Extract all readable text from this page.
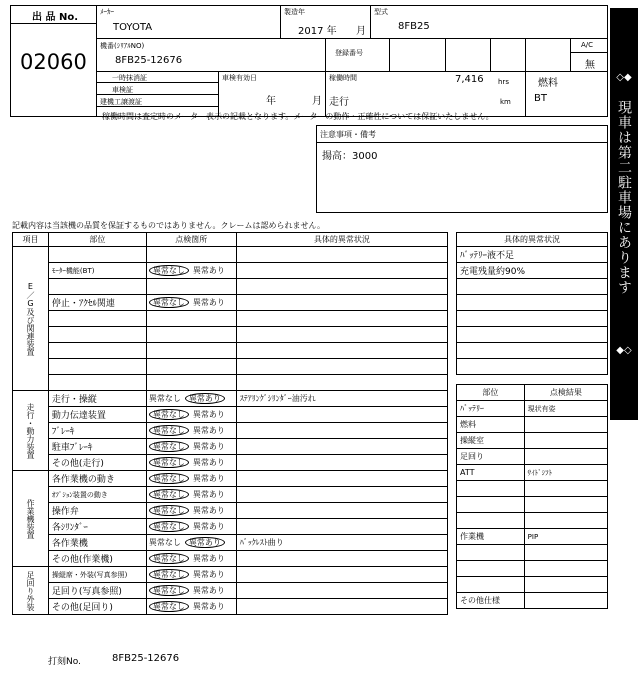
出 品 No.
02060
ﾒｰｶｰ
TOYOTA
製造年
2017 年 月
型式
8FB25
機番(ｼﾘｱﾙNO)
8FB25-12676
登録番号
A/C
無
一時抹消証
車検証
建機工譲渡証
車検有効日
年	月
稼働時間	7,416 hrs
走行	km
燃料
BT
稼働時間は査定時のメーター表示の記載となります。メーターの動作・正確性については保証いたしません。
注意事項・備考
揚高：3000
記載内容は当該機の品質を保証するものではありません。クレームは認められません。
◇◆
現車は第二駐車場にあります
◆◇
項目	部位	点検箇所	具体的異常状況

E／G及び関連装置			

	ﾓｰﾀｰ機能(BT)	異常なし 異常あり	

	停止・ｱｸｾﾙ関連	異常なし 異常あり	

走行・動力装置	走行・操縦	異常なし 異常あり	ｽﾃｱﾘﾝｸﾞｼﾘﾝﾀﾞｰ油汚れ
	動力伝達装置	異常なし 異常あり	
	ﾌﾞﾚｰｷ	異常なし 異常あり	
	駐車ﾌﾞﾚｰｷ	異常なし 異常あり	
	その他(走行)	異常なし 異常あり	

作業機装置	各作業機の動き	異常なし 異常あり	
	ｵﾌﾟｼｮﾝ装置の動き	異常なし 異常あり	
	操作弁	異常なし 異常あり	
	各ｼﾘﾝﾀﾞｰ	異常なし 異常あり	
	各作業機	異常なし 異常あり	ﾊﾞｯｸﾚｽﾄ曲り
	その他(作業機)	異常なし 異常あり	

足回り外装	操縦席・外装(写真参照)	異常なし 異常あり	
	足回り(写真参照)	異常なし 異常あり	
	その他(足回り)	異常なし 異常あり	
具体的異常状況
ﾊﾞｯﾃﾘｰ液不足
充電残量約90%

部位	点検結果
ﾊﾞｯﾃﾘｰ	現状有姿
燃料	
操縦室	
足回り	
ATT	ｻｲﾄﾞｼﾌﾄ

作業機	PIP

その他仕様	
打刻No.	8FB25-12676
